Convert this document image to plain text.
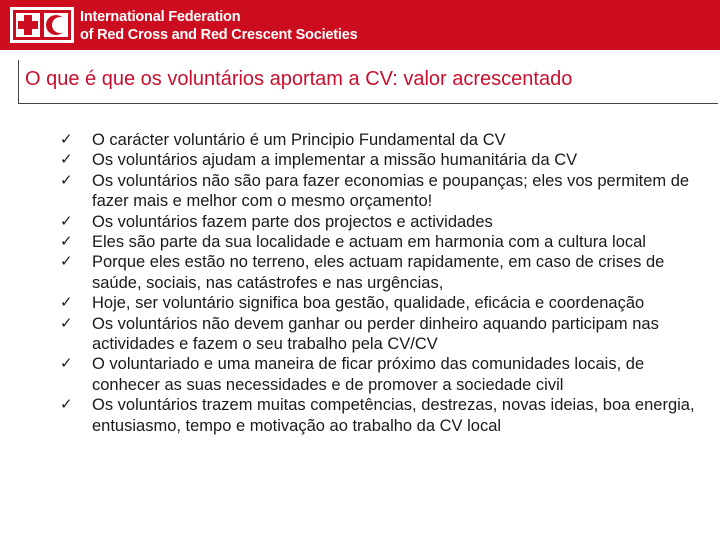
International Federation
of Red Cross and Red Crescent Societies
O que é que os voluntários aportam a CV: valor acrescentado
✓	O carácter voluntário é um Principio Fundamental da CV
✓	Os voluntários ajudam a implementar a missão humanitária da CV
✓	Os voluntários não são para fazer economias e poupanças; eles vos permitem de fazer mais e melhor com o mesmo orçamento!
✓	Os voluntários fazem parte dos projectos e actividades
✓	Eles são parte da sua localidade e actuam em harmonia com a cultura local
✓	Porque eles estão no terreno, eles actuam rapidamente, em caso de crises de saúde, sociais, nas catástrofes e nas urgências,
✓	Hoje, ser voluntário significa boa gestão, qualidade, eficácia e coordenação
✓	Os voluntários não devem ganhar ou perder dinheiro aquando participam nas actividades e fazem o seu trabalho pela CV/CV
✓	O voluntariado e uma maneira de ficar próximo das comunidades locais, de conhecer as suas necessidades e de promover a sociedade civil
✓	Os voluntários trazem muitas competências, destrezas, novas ideias, boa energia, entusiasmo, tempo e motivação ao trabalho da CV local
